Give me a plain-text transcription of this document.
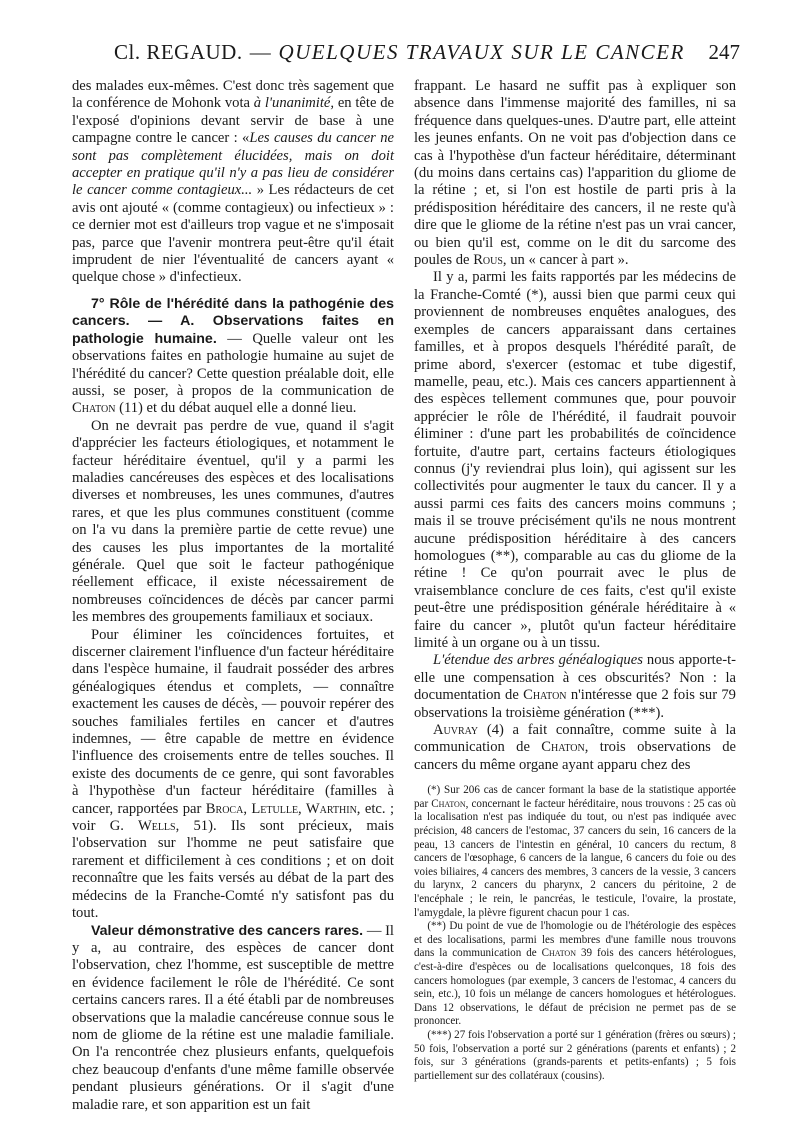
Cl. REGAUD. — QUELQUES TRAVAUX SUR LE CANCER 247

des malades eux-mêmes. C'est donc très sagement que la conférence de Mohonk vota à l'unanimité, en tête de l'exposé d'opinions devant servir de base à une campagne contre le cancer : «Les causes du cancer ne sont pas complètement élucidées, mais on doit accepter en pratique qu'il n'y a pas lieu de considérer le cancer comme contagieux... » Les rédacteurs de cet avis ont ajouté « (comme contagieux) ou infectieux » : ce dernier mot est d'ailleurs trop vague et ne s'imposait pas, parce que l'avenir montrera peut-être qu'il était imprudent de nier l'éventualité de cancers ayant « quelque chose » d'infectieux.

7° Rôle de l'hérédité dans la pathogénie des cancers. — A. Observations faites en pathologie humaine. — Quelle valeur ont les observations faites en pathologie humaine au sujet de l'hérédité du cancer? Cette question préalable doit, elle aussi, se poser, à propos de la communication de Chaton (11) et du débat auquel elle a donné lieu.

On ne devrait pas perdre de vue, quand il s'agit d'apprécier les facteurs étiologiques, et notamment le facteur héréditaire éventuel, qu'il y a parmi les maladies cancéreuses des espèces et des localisations diverses et nombreuses, les unes communes, d'autres rares, et que les plus communes constituent (comme on l'a vu dans la première partie de cette revue) une des causes les plus importantes de la mortalité générale. Quel que soit le facteur pathogénique réellement efficace, il existe nécessairement de nombreuses coïncidences de décès par cancer parmi les membres des groupements familiaux et sociaux.

Pour éliminer les coïncidences fortuites, et discerner clairement l'influence d'un facteur héréditaire dans l'espèce humaine, il faudrait posséder des arbres généalogiques étendus et complets, — connaître exactement les causes de décès, — pouvoir repérer des souches familiales fertiles en cancer et d'autres indemnes, — être capable de mettre en évidence l'influence des croisements entre de telles souches. Il existe des documents de ce genre, qui sont favorables à l'hypothèse d'un facteur héréditaire (familles à cancer, rapportées par Broca, Letulle, Warthin, etc. ; voir G. Wells, 51). Ils sont précieux, mais l'observation sur l'homme ne peut satisfaire que rarement et difficilement à ces conditions ; et on doit reconnaître que les faits versés au débat de la part des médecins de la Franche-Comté n'y satisfont pas du tout.

Valeur démonstrative des cancers rares. — Il y a, au contraire, des espèces de cancer dont l'observation, chez l'homme, est susceptible de mettre en évidence facilement le rôle de l'hérédité. Ce sont certains cancers rares. Il a été établi par de nombreuses observations que la maladie cancéreuse connue sous le nom de gliome de la rétine est une maladie familiale. On l'a rencontrée chez plusieurs enfants, quelquefois chez beaucoup d'enfants d'une même famille observée pendant plusieurs générations. Or il s'agit d'une maladie rare, et son apparition est un fait

frappant. Le hasard ne suffit pas à expliquer son absence dans l'immense majorité des familles, ni sa fréquence dans quelques-unes. D'autre part, elle atteint les jeunes enfants. On ne voit pas d'objection dans ce cas à l'hypothèse d'un facteur héréditaire, déterminant (du moins dans certains cas) l'apparition du gliome de la rétine ; et, si l'on est hostile de parti pris à la prédisposition héréditaire des cancers, il ne reste qu'à dire que le gliome de la rétine n'est pas un vrai cancer, ou bien qu'il est, comme on le dit du sarcome des poules de Rous, un « cancer à part ».

Il y a, parmi les faits rapportés par les médecins de la Franche-Comté (*), aussi bien que parmi ceux qui proviennent de nombreuses enquêtes analogues, des exemples de cancers apparaissant dans certaines familles, et à propos desquels l'hérédité paraît, de prime abord, s'exercer (estomac et tube digestif, mamelle, peau, etc.). Mais ces cancers appartiennent à des espèces tellement communes que, pour pouvoir apprécier le rôle de l'hérédité, il faudrait pouvoir éliminer : d'une part les probabilités de coïncidence fortuite, d'autre part, certains facteurs étiologiques connus (j'y reviendrai plus loin), qui agissent sur les collectivités pour augmenter le taux du cancer. Il y a aussi parmi ces faits des cancers moins communs ; mais il se trouve précisément qu'ils ne nous montrent aucune prédisposition héréditaire à des cancers homologues (**), comparable au cas du gliome de la rétine ! Ce qu'on pourrait avec le plus de vraisemblance conclure de ces faits, c'est qu'il existe peut-être une prédisposition générale héréditaire à « faire du cancer », plutôt qu'un facteur héréditaire limité à un organe ou à un tissu.

L'étendue des arbres généalogiques nous apporte-t-elle une compensation à ces obscurités? Non : la documentation de Chaton n'intéresse que 2 fois sur 79 observations la troisième génération (***).

Auvray (4) a fait connaître, comme suite à la communication de Chaton, trois observations de cancers du même organe ayant apparu chez des

(*) Sur 206 cas de cancer formant la base de la statistique apportée par Chaton, concernant le facteur héréditaire, nous trouvons : 25 cas où la localisation n'est pas indiquée du tout, ou n'est pas indiquée avec précision, 48 cancers de l'estomac, 37 cancers du sein, 16 cancers de la peau, 13 cancers de l'intestin en général, 10 cancers du rectum, 8 cancers de l'œsophage, 6 cancers de la langue, 6 cancers du foie ou des voies biliaires, 4 cancers des membres, 3 cancers de la vessie, 3 cancers du larynx, 2 cancers du pharynx, 2 cancers du péritoine, 2 de l'encéphale ; le rein, le pancréas, le testicule, l'ovaire, la prostate, l'amygdale, la plèvre figurent chacun pour 1 cas.

(**) Du point de vue de l'homologie ou de l'hétérologie des espèces et des localisations, parmi les membres d'une famille nous trouvons dans la communication de Chaton 39 fois des cancers hétérologues, c'est-à-dire d'espèces ou de localisations quelconques, 18 fois des cancers homologues (par exemple, 3 cancers de l'estomac, 4 cancers du sein, etc.), 10 fois un mélange de cancers homologues et hétérologues. Dans 12 observations, le défaut de précision ne permet pas de se prononcer.

(***) 27 fois l'observation a porté sur 1 génération (frères ou sœurs) ; 50 fois, l'observation a porté sur 2 générations (parents et enfants) ; 2 fois, sur 3 générations (grands-parents et petits-enfants) ; 5 fois partiellement sur des collatéraux (cousins).
